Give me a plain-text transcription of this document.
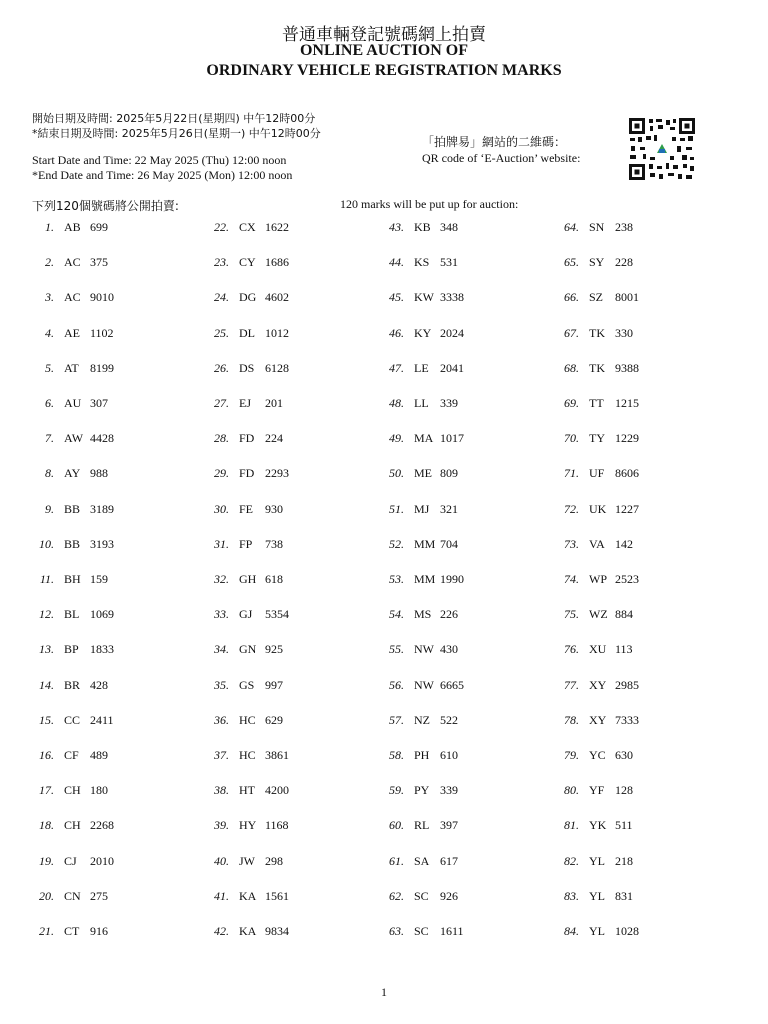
普通車輛登記號碼網上拍賣
ONLINE AUCTION OF
ORDINARY VEHICLE REGISTRATION MARKS
開始日期及時間: 2025年5月22日(星期四) 中午12時00分
*結束日期及時間: 2025年5月26日(星期一) 中午12時00分
Start Date and Time: 22 May 2025 (Thu) 12:00 noon
*End Date and Time: 26 May 2025 (Mon) 12:00 noon
「拍牌易」網站的二維碼：
QR code of ‘E-Auction’ website:
下列120個號碼將公開拍賣:	120 marks will be put up for auction:
1. AB 699
2. AC 375
3. AC 9010
4. AE 1102
5. AT 8199
6. AU 307
7. AW 4428
8. AY 988
9. BB 3189
10. BB 3193
11. BH 159
12. BL 1069
13. BP 1833
14. BR 428
15. CC 2411
16. CF 489
17. CH 180
18. CH 2268
19. CJ 2010
20. CN 275
21. CT 916
22. CX 1622
23. CY 1686
24. DG 4602
25. DL 1012
26. DS 6128
27. EJ 201
28. FD 224
29. FD 2293
30. FE 930
31. FP 738
32. GH 618
33. GJ 5354
34. GN 925
35. GS 997
36. HC 629
37. HC 3861
38. HT 4200
39. HY 1168
40. JW 298
41. KA 1561
42. KA 9834
43. KB 348
44. KS 531
45. KW 3338
46. KY 2024
47. LE 2041
48. LL 339
49. MA 1017
50. ME 809
51. MJ 321
52. MM 704
53. MM 1990
54. MS 226
55. NW 430
56. NW 6665
57. NZ 522
58. PH 610
59. PY 339
60. RL 397
61. SA 617
62. SC 926
63. SC 1611
64. SN 238
65. SY 228
66. SZ 8001
67. TK 330
68. TK 9388
69. TT 1215
70. TY 1229
71. UF 8606
72. UK 1227
73. VA 142
74. WP 2523
75. WZ 884
76. XU 113
77. XY 2985
78. XY 7333
79. YC 630
80. YF 128
81. YK 511
82. YL 218
83. YL 831
84. YL 1028
1
